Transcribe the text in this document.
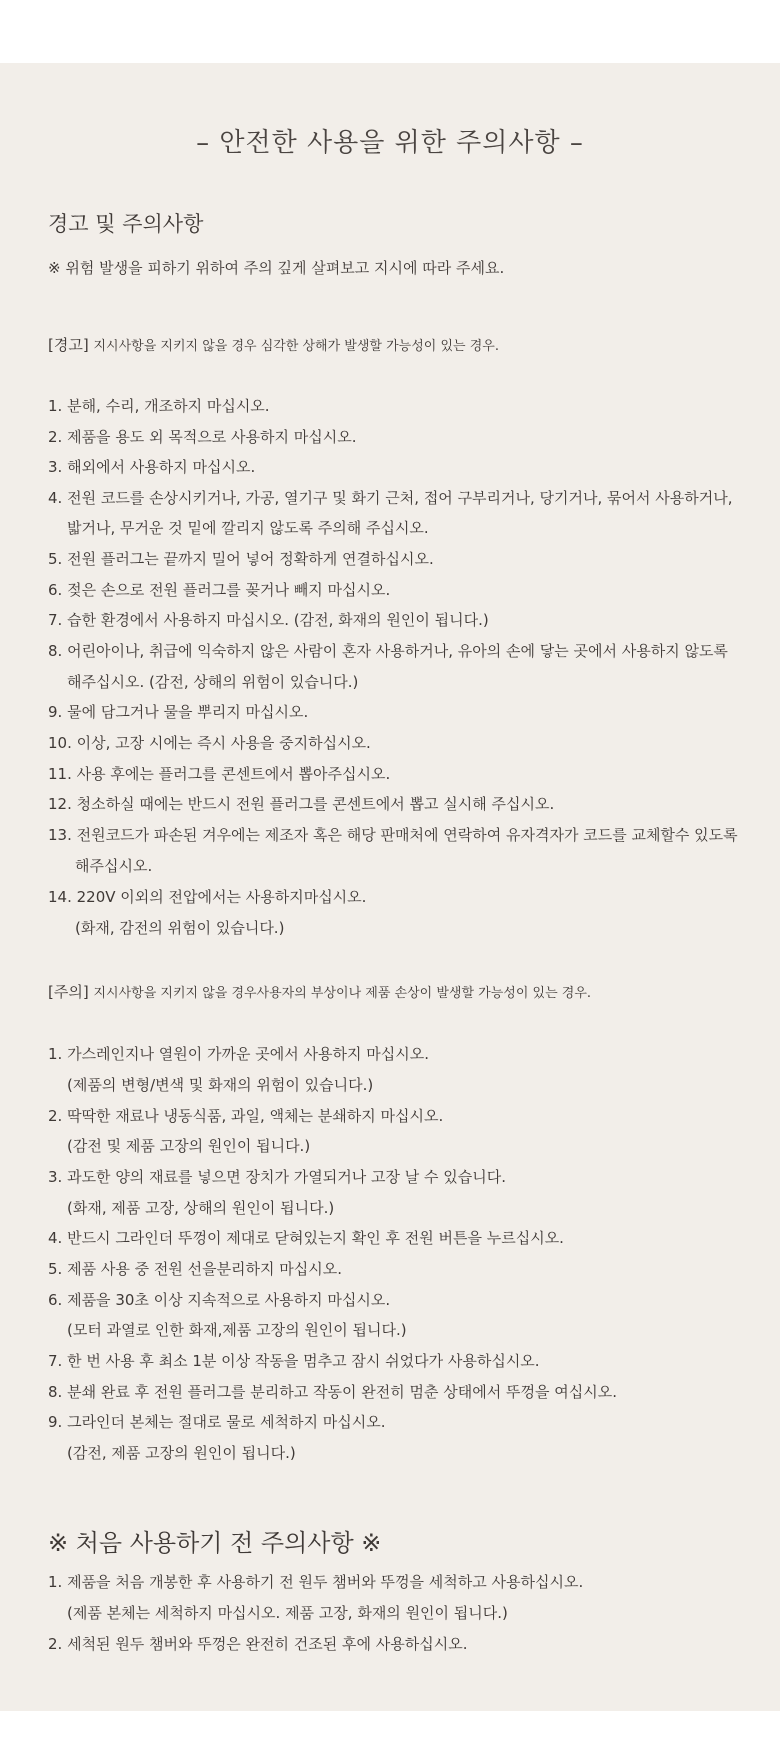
– 안전한 사용을 위한 주의사항 –
경고 및 주의사항

※ 위험 발생을 피하기 위하여 주의 깊게 살펴보고 지시에 따라 주세요.

[경고] 지시사항을 지키지 않을 경우 심각한 상해가 발생할 가능성이 있는 경우.

1. 분해, 수리, 개조하지 마십시오.

2. 제품을 용도 외 목적으로 사용하지 마십시오.

3. 해외에서 사용하지 마십시오.

4. 전원 코드를 손상시키거나, 가공, 열기구 및 화기 근처, 접어 구부리거나, 당기거나, 묶어서 사용하거나,

밟거나, 무거운 것 밑에 깔리지 않도록 주의해 주십시오.

5. 전원 플러그는 끝까지 밀어 넣어 정확하게 연결하십시오.

6. 젖은 손으로 전원 플러그를 꽂거나 빼지 마십시오.

7. 습한 환경에서 사용하지 마십시오. (감전, 화재의 원인이 됩니다.)

8. 어린아이나, 취급에 익숙하지 않은 사람이 혼자 사용하거나, 유아의 손에 닿는 곳에서 사용하지 않도록

해주십시오. (감전, 상해의 위험이 있습니다.)

9. 물에 담그거나 물을 뿌리지 마십시오.

10. 이상, 고장 시에는 즉시 사용을 중지하십시오.

11. 사용 후에는 플러그를 콘센트에서 뽑아주십시오.

12. 청소하실 때에는 반드시 전원 플러그를 콘센트에서 뽑고 실시해 주십시오.

13. 전원코드가 파손된 겨우에는 제조자 혹은 해당 판매처에 연락하여 유자격자가 코드를 교체할수 있도록

해주십시오.

14. 220V 이외의 전압에서는 사용하지마십시오.

(화재, 감전의 위험이 있습니다.)

[주의] 지시사항을 지키지 않을 경우사용자의 부상이나 제품 손상이 발생할 가능성이 있는 경우.

1. 가스레인지나 열원이 가까운 곳에서 사용하지 마십시오.

(제품의 변형/변색 및 화재의 위험이 있습니다.)

2. 딱딱한 재료나 냉동식품, 과일, 액체는 분쇄하지 마십시오.

(감전 및 제품 고장의 원인이 됩니다.)

3. 과도한 양의 재료를 넣으면 장치가 가열되거나 고장 날 수 있습니다.

(화재, 제품 고장, 상해의 원인이 됩니다.)

4. 반드시 그라인더 뚜껑이 제대로 닫혀있는지 확인 후 전원 버튼을 누르십시오.

5. 제품 사용 중 전원 선을분리하지 마십시오.

6. 제품을 30초 이상 지속적으로 사용하지 마십시오.

(모터 과열로 인한 화재,제품 고장의 원인이 됩니다.)

7. 한 번 사용 후 최소 1분 이상 작동을 멈추고 잠시 쉬었다가 사용하십시오.

8. 분쇄 완료 후 전원 플러그를 분리하고 작동이 완전히 멈춘 상태에서 뚜껑을 여십시오.

9. 그라인더 본체는 절대로 물로 세척하지 마십시오.

(감전, 제품 고장의 원인이 됩니다.)

※ 처음 사용하기 전 주의사항 ※

1. 제품을 처음 개봉한 후 사용하기 전 원두 챔버와 뚜껑을 세척하고 사용하십시오.

(제품 본체는 세척하지 마십시오. 제품 고장, 화재의 원인이 됩니다.)

2. 세척된 원두 챔버와 뚜껑은 완전히 건조된 후에 사용하십시오.
